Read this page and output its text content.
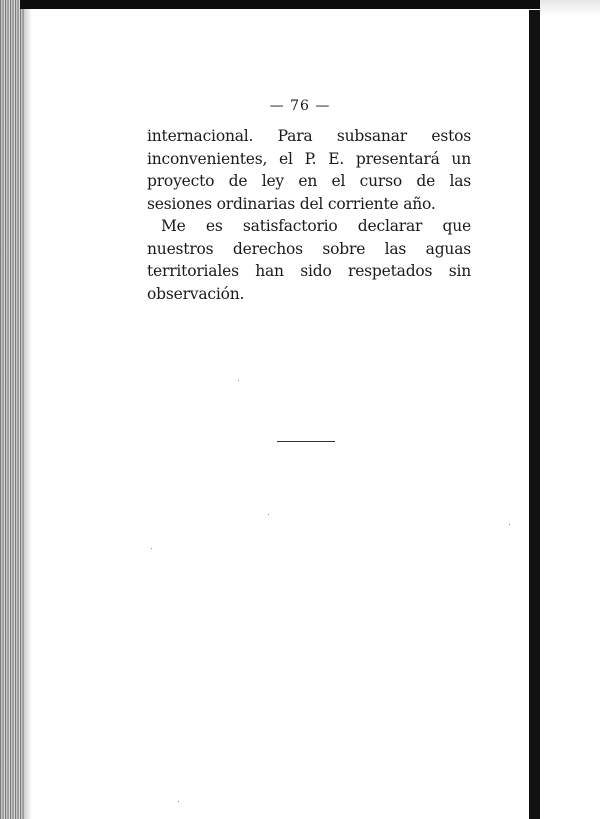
— 76 —

internacional. Para subsanar estos inconvenientes, el P. E. presentará un proyecto de ley en el curso de las sesiones ordinarias del corriente año.

Me es satisfactorio declarar que nuestros derechos sobre las aguas territoriales han sido respetados sin observación.
